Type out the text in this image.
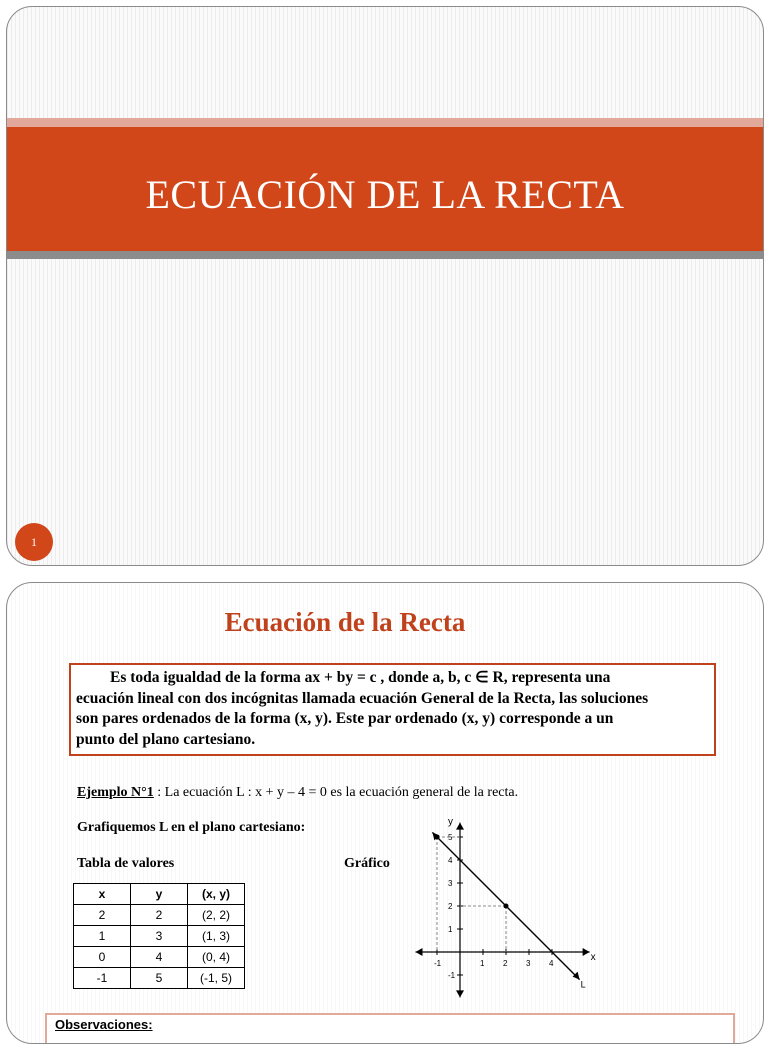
ECUACIÓN DE LA RECTA
1
Ecuación de la Recta
Es toda igualdad de la forma ax + by = c , donde a, b, c ∈ R, representa una
ecuación lineal con dos incógnitas llamada ecuación General de la Recta, las soluciones
son pares ordenados de la forma (x, y). Este par ordenado (x, y) corresponde a un
punto del plano cartesiano.
Ejemplo N°1 : La ecuación L : x + y – 4 = 0 es la ecuación general de la recta.
Grafiquemos L en el plano cartesiano:
Tabla de valores	Gráfico
x	y	(x, y)
2	2	(2, 2)
1	3	(1, 3)
0	4	(0, 4)
-1	5	(-1, 5)
x
y
-1	1 2 3 4
-1
1
2
3
4
5
L
Observaciones:
